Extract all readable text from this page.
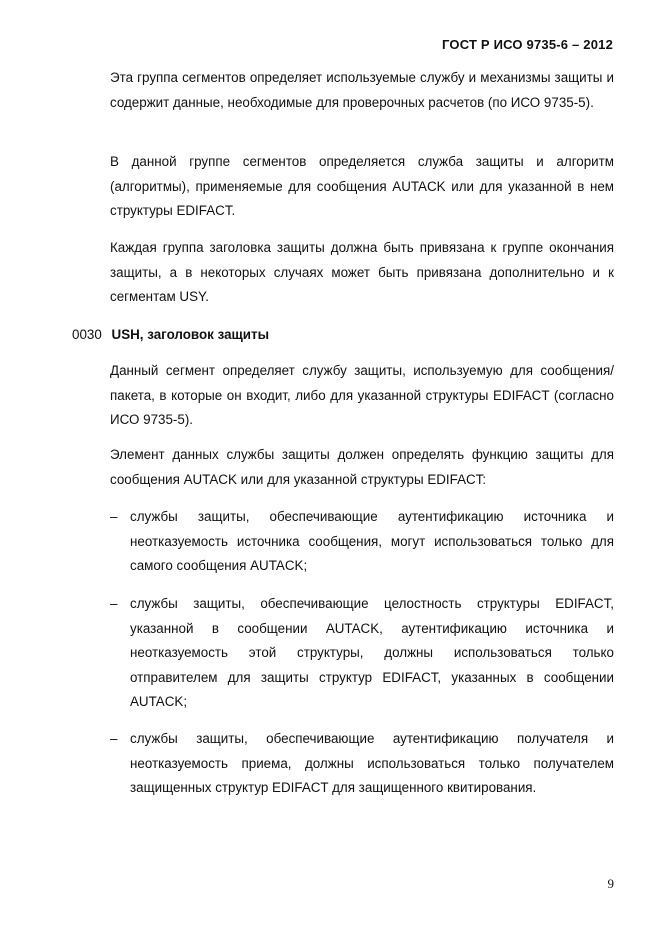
ГОСТ Р ИСО 9735-6 – 2012

Эта группа сегментов определяет используемые службу и механизмы защиты и содержит данные, необходимые для проверочных расчетов (по ИСО 9735-5).

В данной группе сегментов определяется служба защиты и алгоритм (алгоритмы), применяемые для сообщения AUTACK или для указанной в нем структуры EDIFACT.

Каждая группа заголовка защиты должна быть привязана к группе окончания защиты, а в некоторых случаях может быть привязана дополнительно и к сегментам USY.

0030 USH, заголовок защиты

Данный сегмент определяет службу защиты, используемую для сообщения/пакета, в которые он входит, либо для указанной структуры EDIFACT (согласно ИСО 9735-5).

Элемент данных службы защиты должен определять функцию защиты для сообщения AUTACK или для указанной структуры EDIFACT:

– службы защиты, обеспечивающие аутентификацию источника и неотказуемость источника сообщения, могут использоваться только для самого сообщения AUTACK;
– службы защиты, обеспечивающие целостность структуры EDIFACT, указанной в сообщении AUTACK, аутентификацию источника и неотказуемость этой структуры, должны использоваться только отправителем для защиты структур EDIFACT, указанных в сообщении AUTACK;
– службы защиты, обеспечивающие аутентификацию получателя и неотказуемость приема, должны использоваться только получателем защищенных структур EDIFACT для защищенного квитирования.
9
